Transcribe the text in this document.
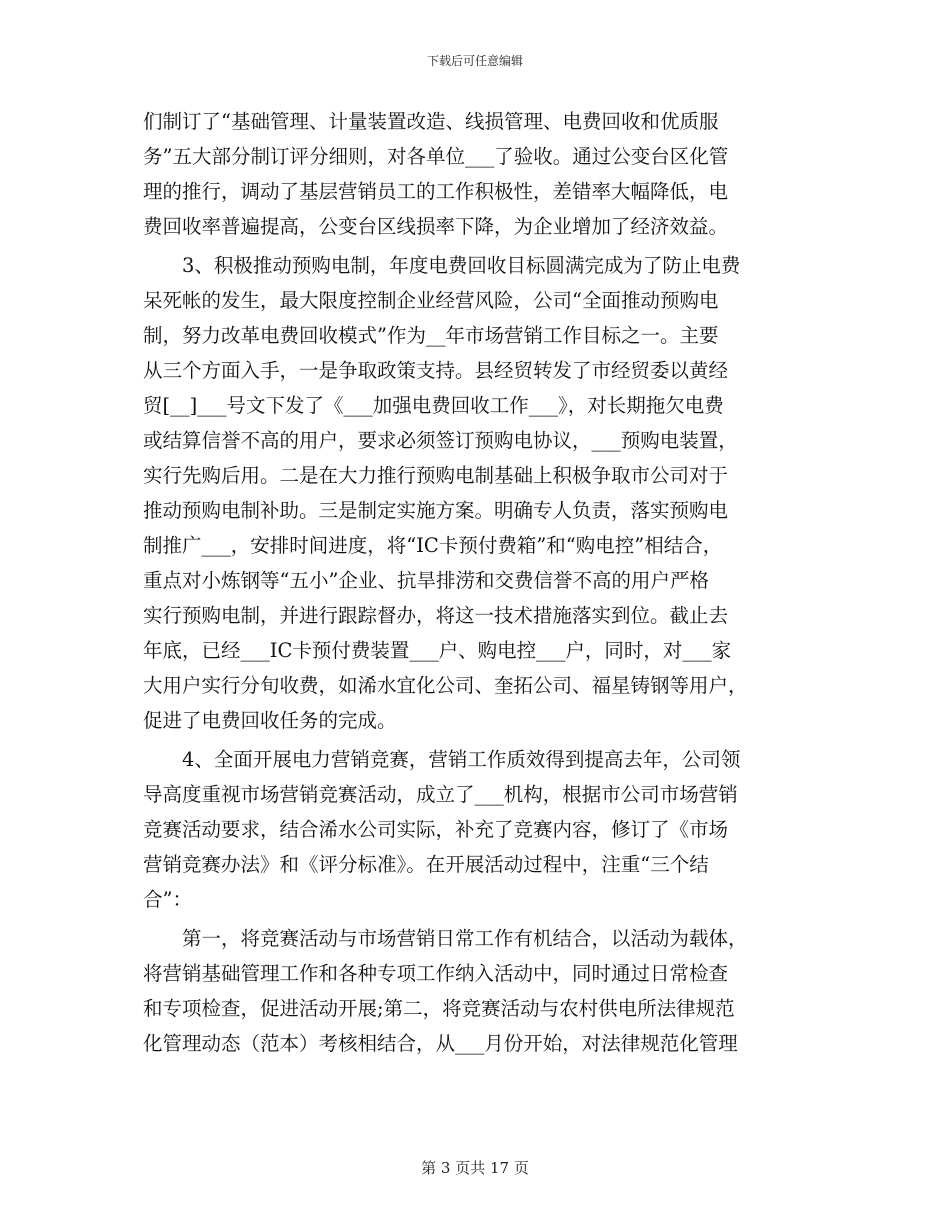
下载后可任意编辑

们制订了“基础管理、计量装置改造、线损管理、电费回收和优质服
务”五大部分制订评分细则，对各单位___了验收。通过公变台区化管
理的推行，调动了基层营销员工的工作积极性，差错率大幅降低，电
费回收率普遍提高，公变台区线损率下降，为企业增加了经济效益。

　　3、积极推动预购电制，年度电费回收目标圆满完成为了防止电费
呆死帐的发生，最大限度控制企业经营风险，公司“全面推动预购电
制，努力改革电费回收模式”作为__年市场营销工作目标之一。主要
从三个方面入手，一是争取政策支持。县经贸转发了市经贸委以黄经
贸[__]___号文下发了《___加强电费回收工作___》，对长期拖欠电费
或结算信誉不高的用户，要求必须签订预购电协议，___预购电装置，
实行先购后用。二是在大力推行预购电制基础上积极争取市公司对于
推动预购电制补助。三是制定实施方案。明确专人负责，落实预购电
制推广___，安排时间进度，将“IC卡预付费箱”和“购电控”相结合，
重点对小炼钢等“五小”企业、抗旱排涝和交费信誉不高的用户严格
实行预购电制，并进行跟踪督办，将这一技术措施落实到位。截止去
年底，已经___IC卡预付费装置___户、购电控___户，同时，对___家
大用户实行分旬收费，如浠水宜化公司、奎拓公司、福星铸钢等用户，
促进了电费回收任务的完成。

　　4、全面开展电力营销竞赛，营销工作质效得到提高去年，公司领
导高度重视市场营销竞赛活动，成立了___机构，根据市公司市场营销
竞赛活动要求，结合浠水公司实际，补充了竞赛内容，修订了《市场
营销竞赛办法》和《评分标准》。在开展活动过程中，注重“三个结
合”：

　　第一，将竞赛活动与市场营销日常工作有机结合，以活动为载体，
将营销基础管理工作和各种专项工作纳入活动中，同时通过日常检查
和专项检查，促进活动开展;第二，将竞赛活动与农村供电所法律规范
化管理动态（范本）考核相结合，从___月份开始，对法律规范化管理

第 3 页共 17 页
